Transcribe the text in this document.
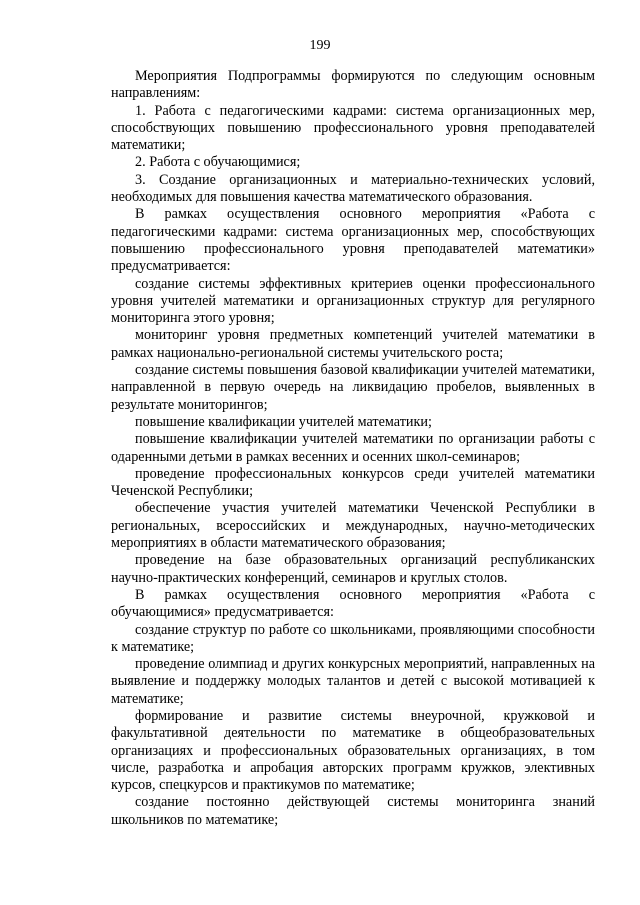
199

Мероприятия Подпрограммы формируются по следующим основным направлениям:

1. Работа с педагогическими кадрами: система организационных мер, способствующих повышению профессионального уровня преподавателей математики;

2. Работа с обучающимися;

3. Создание организационных и материально-технических условий, необходимых для повышения качества математического образования.

В рамках осуществления основного мероприятия «Работа с педагогическими кадрами: система организационных мер, способствующих повышению профессионального уровня преподавателей математики» предусматривается:

создание системы эффективных критериев оценки профессионального уровня учителей математики и организационных структур для регулярного мониторинга этого уровня;

мониторинг уровня предметных компетенций учителей математики в рамках национально-региональной системы учительского роста;

создание системы повышения базовой квалификации учителей математики, направленной в первую очередь на ликвидацию пробелов, выявленных в результате мониторингов;

повышение квалификации учителей математики;

повышение квалификации учителей математики по организации работы с одаренными детьми в рамках весенних и осенних школ-семинаров;

проведение профессиональных конкурсов среди учителей математики Чеченской Республики;

обеспечение участия учителей математики Чеченской Республики в региональных, всероссийских и международных, научно-методических мероприятиях в области математического образования;

проведение на базе образовательных организаций республиканских научно-практических конференций, семинаров и круглых столов.

В рамках осуществления основного мероприятия «Работа с обучающимися» предусматривается:

создание структур по работе со школьниками, проявляющими способности к математике;

проведение олимпиад и других конкурсных мероприятий, направленных на выявление и поддержку молодых талантов и детей с высокой мотивацией к математике;

формирование и развитие системы внеурочной, кружковой и факультативной деятельности по математике в общеобразовательных организациях и профессиональных образовательных организациях, в том числе, разработка и апробация авторских программ кружков, элективных курсов, спецкурсов и практикумов по математике;

создание постоянно действующей системы мониторинга знаний школьников по математике;
